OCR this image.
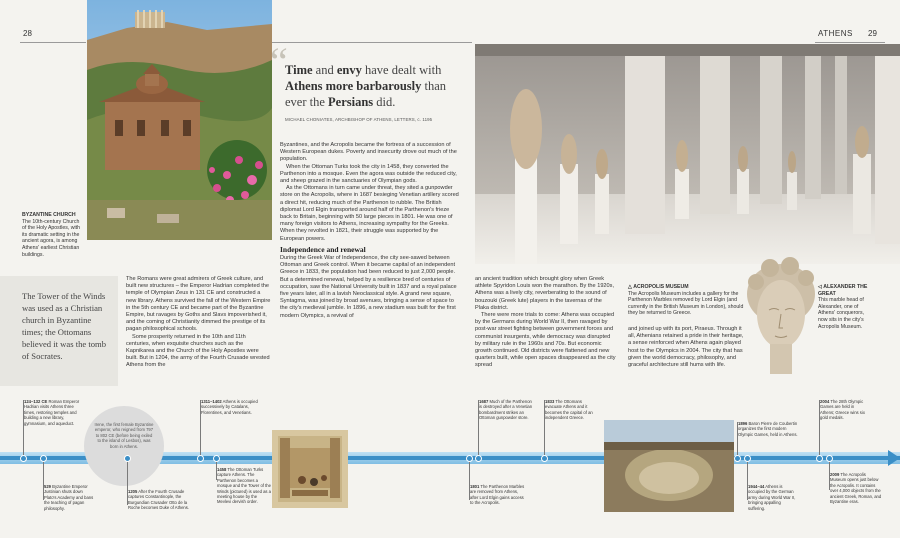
28	ATHENS 29
BYZANTINE CHURCH The 10th-century Church of the Holy Apostles, with its dramatic setting in the ancient agora, is among Athens' earliest Christian buildings.
The Tower of the Winds was used as a Christian church in Byzantine times; the Ottomans believed it was the tomb of Socrates.
“
Time and envy have dealt with Athens more barbarously than ever the Persians did.
MICHAEL CHONIATES, ARCHBISHOP OF ATHENS, LETTERS, c. 1195

The Romans were great admirers of Greek culture, and built new structures – the Emperor Hadrian completed the temple of Olympian Zeus in 131 CE and constructed a new library. Athens survived the fall of the Western Empire in the 5th century CE and became part of the Byzantine Empire, but ravages by Goths and Slavs impoverished it, and the coming of Christianity dimmed the prestige of its pagan philosophical schools.

Some prosperity returned in the 10th and 11th centuries, when exquisite churches such as the Kapnikarea and the Church of the Holy Apostles were built. But in 1204, the army of the Fourth Crusade wrested Athens from the

Byzantines, and the Acropolis became the fortress of a succession of Western European dukes. Poverty and insecurity drove out much of the population.

When the Ottoman Turks took the city in 1458, they converted the Parthenon into a mosque. Even the agora was outside the reduced city, and sheep grazed in the sanctuaries of Olympian gods.

As the Ottomans in turn came under threat, they sited a gunpowder store on the Acropolis, where in 1687 besieging Venetian artillery scored a direct hit, reducing much of the Parthenon to rubble. The British diplomat Lord Elgin transported around half of the Parthenon's frieze back to Britain, beginning with 50 large pieces in 1801. He was one of many foreign visitors to Athens, increasing sympathy for the Greeks. When they revolted in 1821, their struggle was supported by the European powers.

Independence and renewal

During the Greek War of Independence, the city see-sawed between Ottoman and Greek control. When it became capital of an independent Greece in 1833, the population had been reduced to just 2,000 people. But a determined renewal, helped by a resilience bred of centuries of occupation, saw the National University built in 1837 and a royal palace five years later, all in a lavish Neoclassical style. A grand new square, Syntagma, was joined by broad avenues, bringing a sense of space to the city's medieval jumble. In 1896, a new stadium was built for the first modern Olympics, a revival of

an ancient tradition which brought glory when Greek athlete Spyridon Louis won the marathon. By the 1920s, Athens was a lively city, reverberating to the sound of bouzouki (Greek lute) players in the tavernas of the Plaka district.

There were more trials to come: Athens was occupied by the Germans during World War II, then ravaged by post-war street fighting between government forces and communist insurgents, while democracy was disrupted by military rule in the 1960s and 70s. But economic growth continued. Old districts were flattened and new quarters built, while open spaces disappeared as the city spread

△ ACROPOLIS MUSEUM
The Acropolis Museum includes a gallery for the Parthenon Marbles removed by Lord Elgin (and currently in the British Museum in London), should they be returned to Greece.

and joined up with its port, Piraeus. Through it all, Athenians retained a pride in their heritage, a sense reinforced when Athens again played host to the Olympics in 2004. The city that has given the world democracy, philosophy, and graceful architecture still hums with life.

◁ ALEXANDER THE GREAT
This marble head of Alexander, one of Athens' conquerors, now sits in the city's Acropolis Museum.
Irene, the first female Byzantine emperor, who reigned from 797 to 802 CE (before being exiled to the island of Lesbos), was born in Athens.
124–132 CE Roman Emperor Hadrian visits Athens three times, restoring temples and building a new library, gymnasium, and aqueduct.
1311–1402 Athens is occupied successively by Catalans, Florentines, and Venetians.
1687 Much of the Parthenon is destroyed after a Venetian bombardment strikes an Ottoman gunpowder store.
1833 The Ottomans evacuate Athens and it becomes the capital of an independent Greece.
1896 Baron Pierre de Coubertin organizes the first modern Olympic Games, held in Athens.
2004 The 28th Olympic Games are held in Athens; Greece wins six gold medals.
529 Byzantine Emperor Justinian shuts down Plato's Academy and bans the teaching of pagan philosophy.
1205 After the Fourth Crusade captures Constantinople, the Burgundian Crusader Otto de la Roche becomes Duke of Athens.
1458 The Ottoman Turks capture Athens. The Parthenon becomes a mosque and the Tower of the Winds (pictured) is used as a meeting house by the Mevlevi dervish order.
1801 The Parthenon Marbles are removed from Athens, after Lord Elgin gains access to the Acropolis.
1944–44 Athens is occupied by the German army during World War II, bringing appalling suffering.
2009 The Acropolis Museum opens just below the Acropolis. It contains over 4,000 objects from the ancient Greek, Roman, and Byzantine eras.
